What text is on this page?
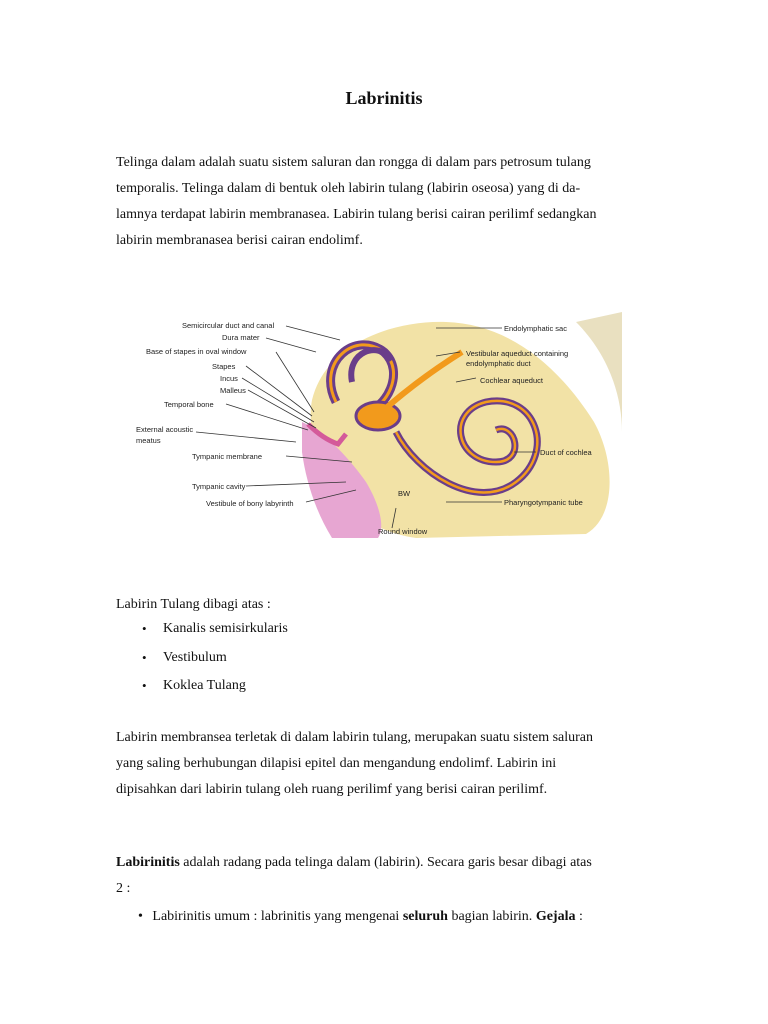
Labrinitis
Telinga dalam adalah suatu sistem saluran dan rongga di dalam pars petrosum tulang
temporalis. Telinga dalam di bentuk oleh labirin tulang (labirin oseosa) yang di da-
lamnya terdapat labirin membranasea. Labirin tulang berisi cairan perilimf sedangkan
labirin membranasea berisi cairan endolimf.
Semicircular duct and canal
Dura mater
Base of stapes in oval window
Stapes
Incus
Malleus
Temporal bone
External acoustic
meatus
Tympanic membrane
Tympanic cavity
Vestibule of bony labyrinth
Endolymphatic sac
Vestibular aqueduct containing
endolymphatic duct
Cochlear aqueduct
Duct of cochlea
Pharyngotympanic tube
Round window
BW
Labirin Tulang dibagi atas :
• Kanalis semisirkularis
• Vestibulum
• Koklea Tulang
Labirin membransea terletak di dalam labirin tulang, merupakan suatu sistem saluran
yang saling berhubungan dilapisi epitel dan mengandung endolimf. Labirin ini
dipisahkan dari labirin tulang oleh ruang perilimf yang berisi cairan perilimf.
Labirinitis adalah radang pada telinga dalam (labirin). Secara garis besar dibagi atas
2 :
• Labirinitis umum : labrinitis yang mengenai seluruh bagian labirin. Gejala :
